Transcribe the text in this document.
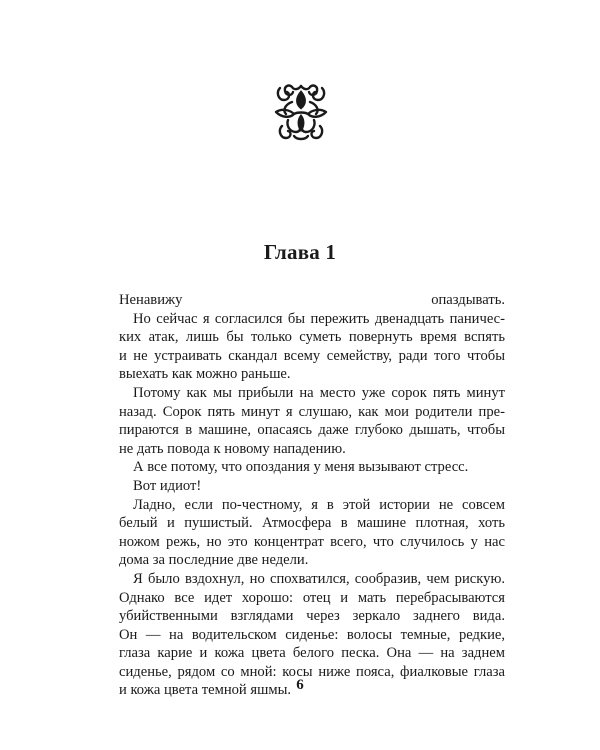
Глава 1
Ненавижу опаздывать.
Но сейчас я согласился бы пережить двенадцать паничес-
ких атак, лишь бы только суметь повернуть время вспять
и не устраивать скандал всему семейству, ради того чтобы
выехать как можно раньше.
Потому как мы прибыли на место уже сорок пять минут
назад. Сорок пять минут я слушаю, как мои родители пре-
пираются в машине, опасаясь даже глубоко дышать, чтобы
не дать повода к новому нападению.
А все потому, что опоздания у меня вызывают стресс.
Вот идиот!
Ладно, если по-честному, я в этой истории не совсем
белый и пушистый. Атмосфера в машине плотная, хоть
ножом режь, но это концентрат всего, что случилось у нас
дома за последние две недели.
Я было вздохнул, но спохватился, сообразив, чем рискую.
Однако все идет хорошо: отец и мать перебрасываются
убийственными взглядами через зеркало заднего вида.
Он — на водительском сиденье: волосы темные, редкие,
глаза карие и кожа цвета белого песка. Она — на заднем
сиденье, рядом со мной: косы ниже пояса, фиалковые глаза
и кожа цвета темной яшмы. 6
